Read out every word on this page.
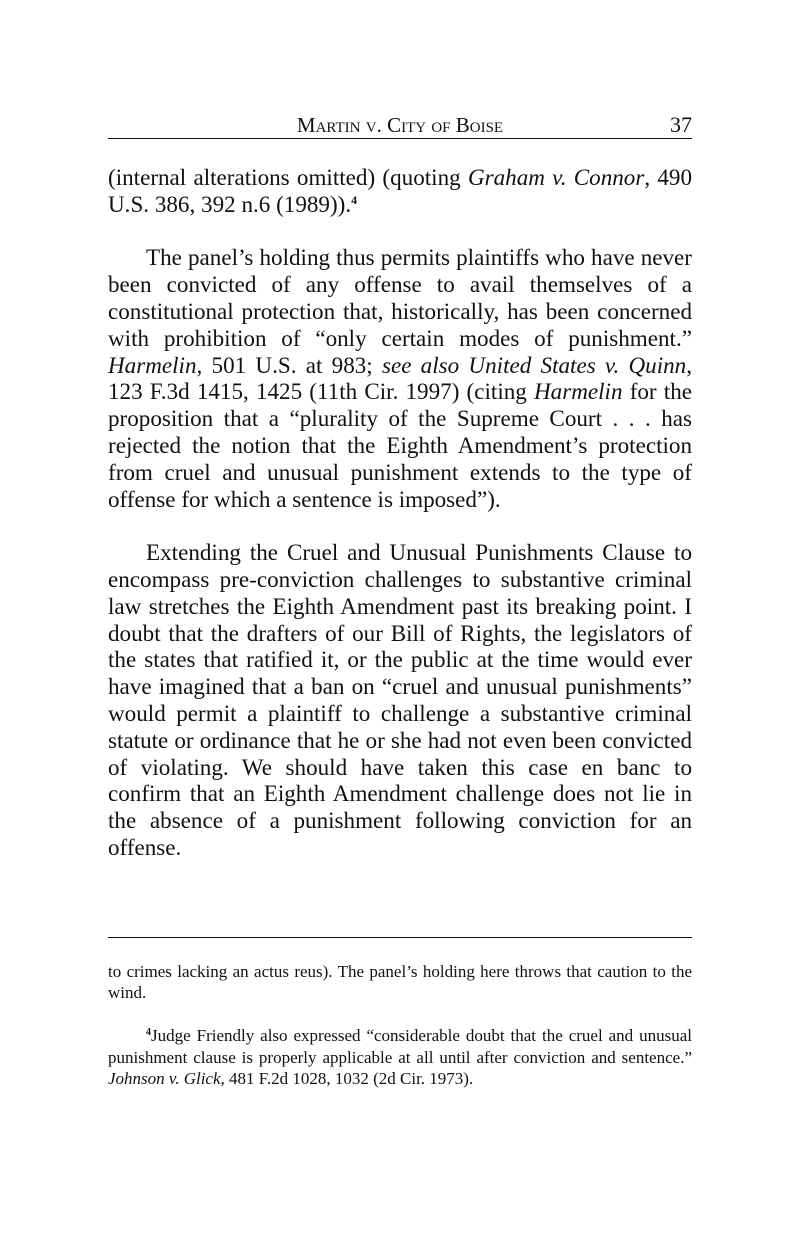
Martin v. City of Boise	37

(internal alterations omitted) (quoting Graham v. Connor, 490 U.S. 386, 392 n.6 (1989)).$^4$

The panel’s holding thus permits plaintiffs who have never been convicted of any offense to avail themselves of a constitutional protection that, historically, has been concerned with prohibition of “only certain modes of punishment.” Harmelin, 501 U.S. at 983; see also United States v. Quinn, 123 F.3d 1415, 1425 (11th Cir. 1997) (citing Harmelin for the proposition that a “plurality of the Supreme Court . . . has rejected the notion that the Eighth Amendment’s protection from cruel and unusual punishment extends to the type of offense for which a sentence is imposed”).

Extending the Cruel and Unusual Punishments Clause to encompass pre-conviction challenges to substantive criminal law stretches the Eighth Amendment past its breaking point. I doubt that the drafters of our Bill of Rights, the legislators of the states that ratified it, or the public at the time would ever have imagined that a ban on “cruel and unusual punishments” would permit a plaintiff to challenge a substantive criminal statute or ordinance that he or she had not even been convicted of violating. We should have taken this case en banc to confirm that an Eighth Amendment challenge does not lie in the absence of a punishment following conviction for an offense.

to crimes lacking an actus reus). The panel’s holding here throws that caution to the wind.

$^4$Judge Friendly also expressed “considerable doubt that the cruel and unusual punishment clause is properly applicable at all until after conviction and sentence.” Johnson v. Glick, 481 F.2d 1028, 1032 (2d Cir. 1973).
